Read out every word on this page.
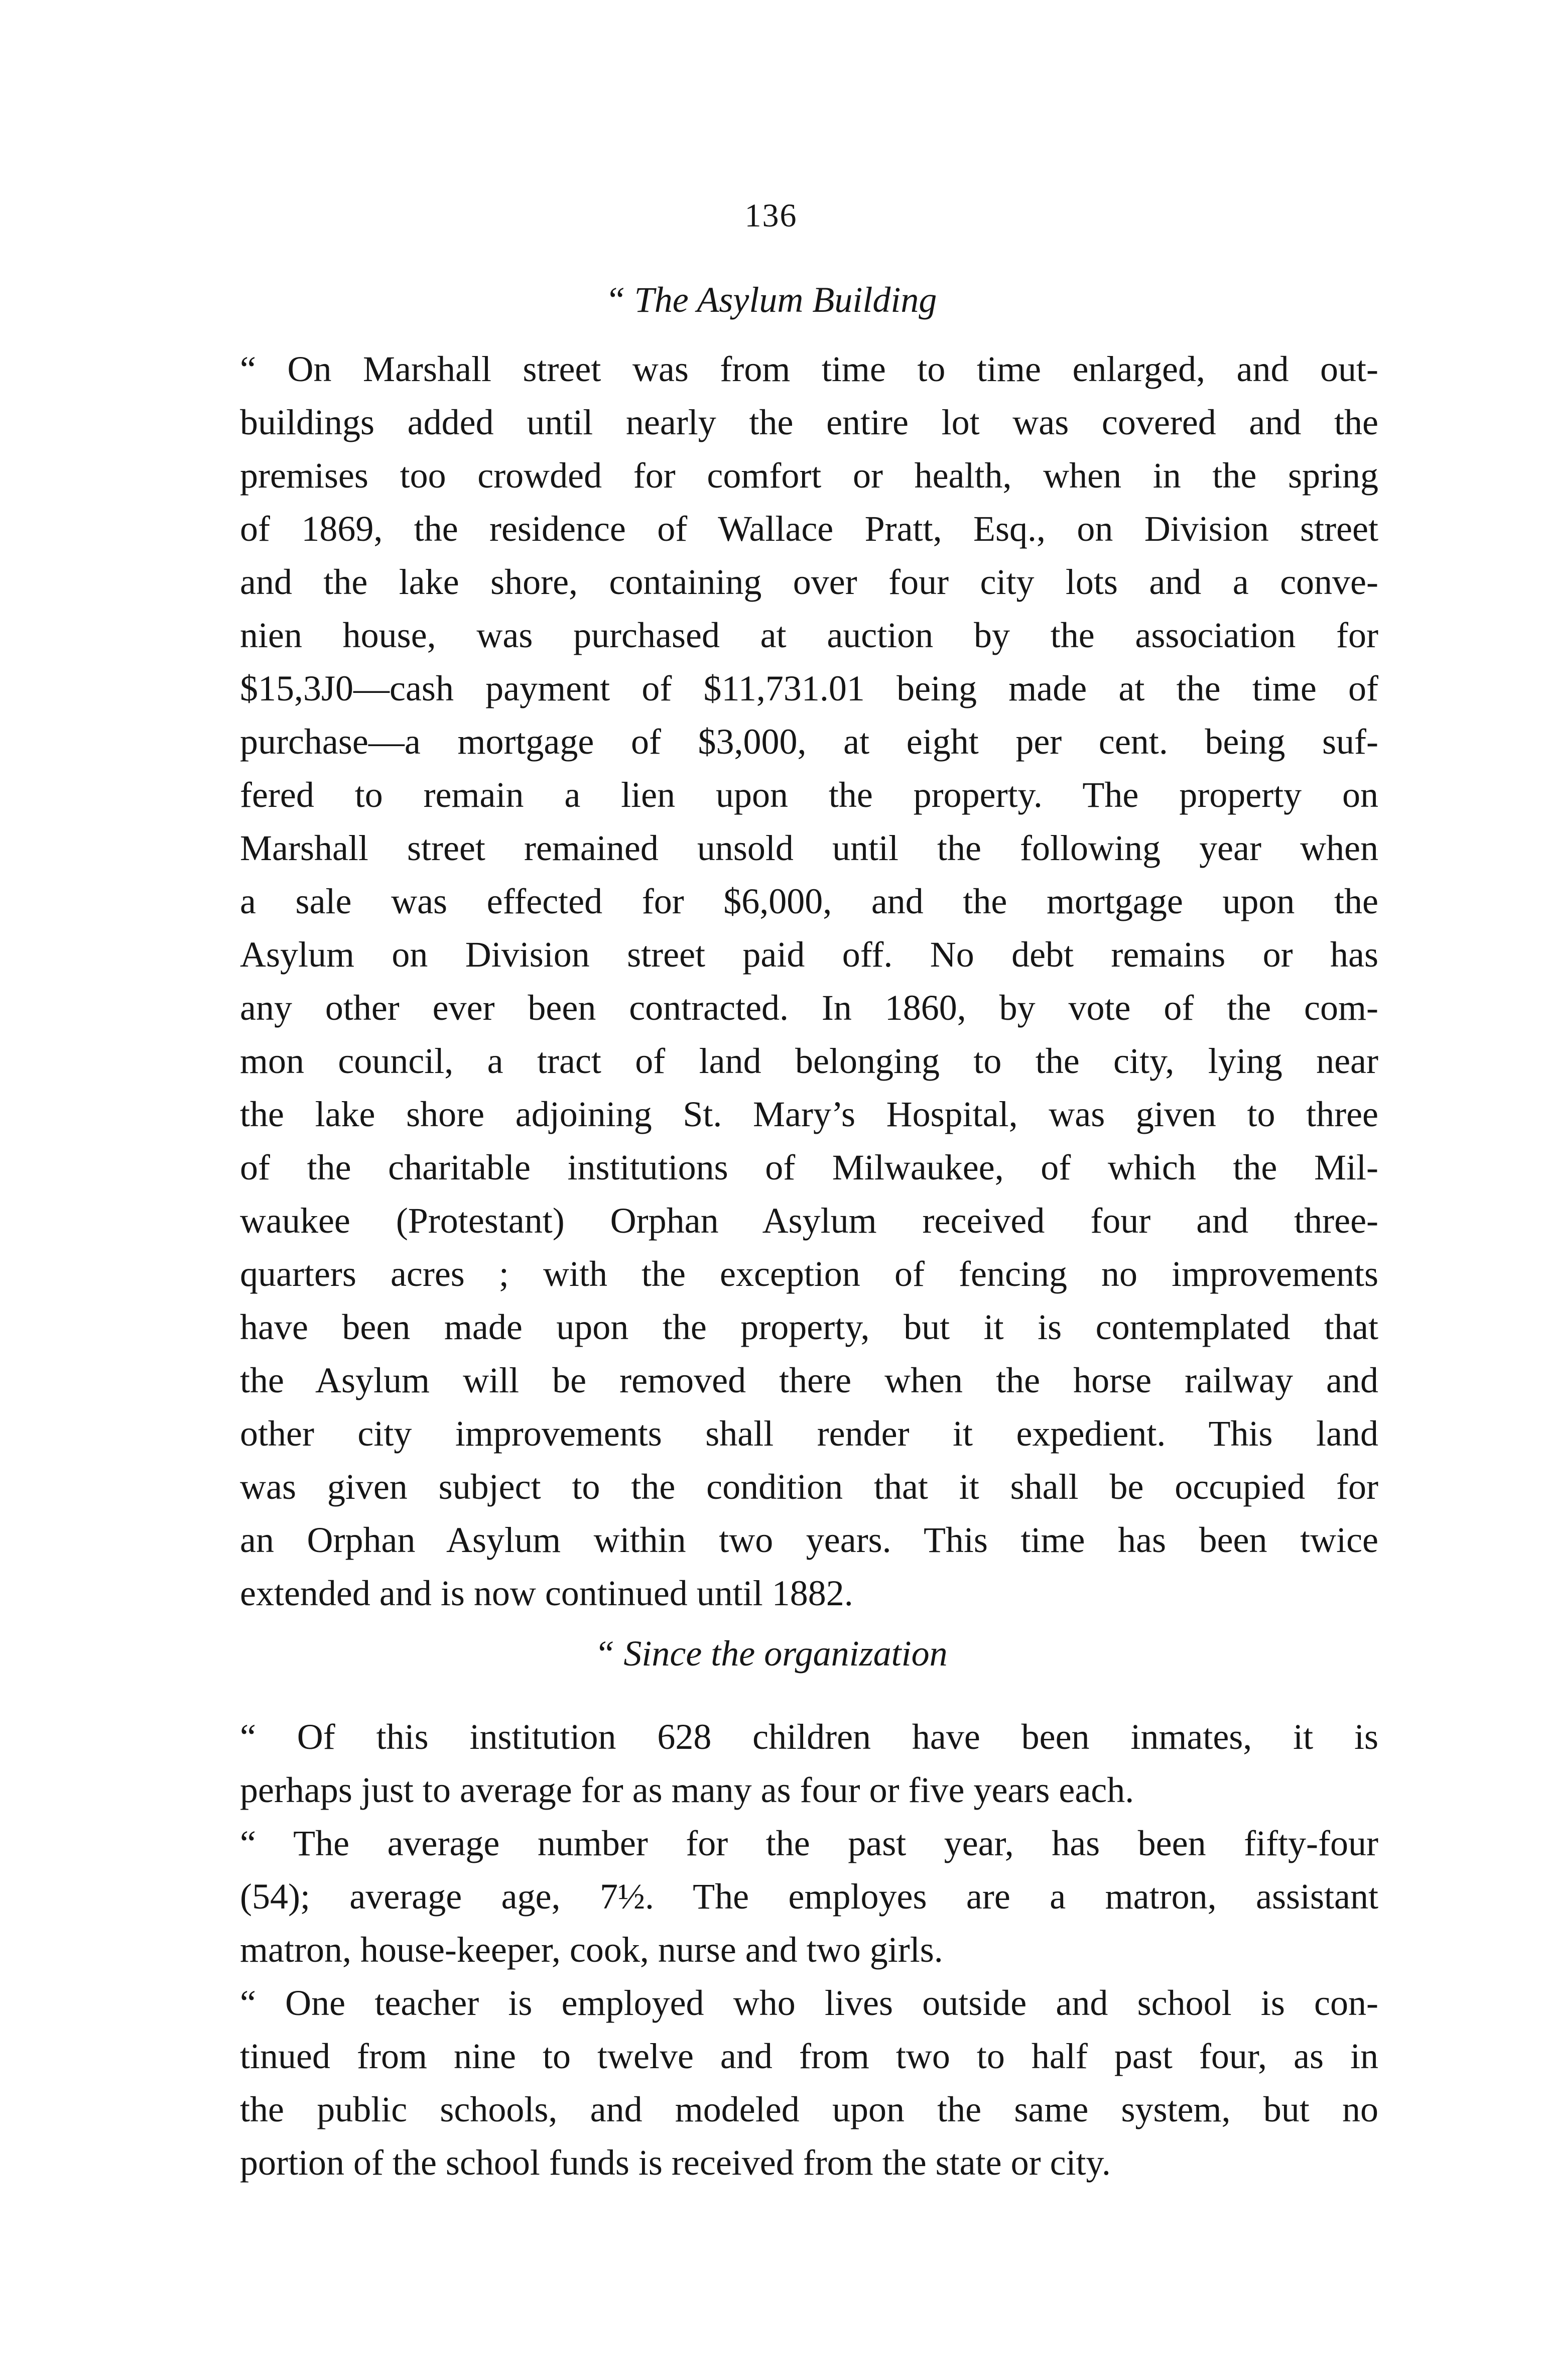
136
“ The Asylum Building
“ On Marshall street was from time to time enlarged, and out-
buildings added until nearly the entire lot was covered and the
premises too crowded for comfort or health, when in the spring
of 1869, the residence of Wallace Pratt, Esq., on Division street
and the lake shore, containing over four city lots and a conve-
nien house, was purchased at auction by the association for
$15,3J0—cash payment of $11,731.01 being made at the time of
purchase—a mortgage of $3,000, at eight per cent. being suf-
fered to remain a lien upon the property. The property on
Marshall street remained unsold until the following year when
a sale was effected for $6,000, and the mortgage upon the
Asylum on Division street paid off. No debt remains or has
any other ever been contracted. In 1860, by vote of the com-
mon council, a tract of land belonging to the city, lying near
the lake shore adjoining St. Mary’s Hospital, was given to three
of the charitable institutions of Milwaukee, of which the Mil-
waukee (Protestant) Orphan Asylum received four and three-
quarters acres ; with the exception of fencing no improvements
have been made upon the property, but it is contemplated that
the Asylum will be removed there when the horse railway and
other city improvements shall render it expedient. This land
was given subject to the condition that it shall be occupied for
an Orphan Asylum within two years. This time has been twice
extended and is now continued until 1882.
“ Since the organization
“ Of this institution 628 children have been inmates, it is
perhaps just to average for as many as four or five years each.
“ The average number for the past year, has been fifty-four
(54); average age, 7½. The employes are a matron, assistant
matron, house-keeper, cook, nurse and two girls.
“ One teacher is employed who lives outside and school is con-
tinued from nine to twelve and from two to half past four, as in
the public schools, and modeled upon the same system, but no
portion of the school funds is received from the state or city.
